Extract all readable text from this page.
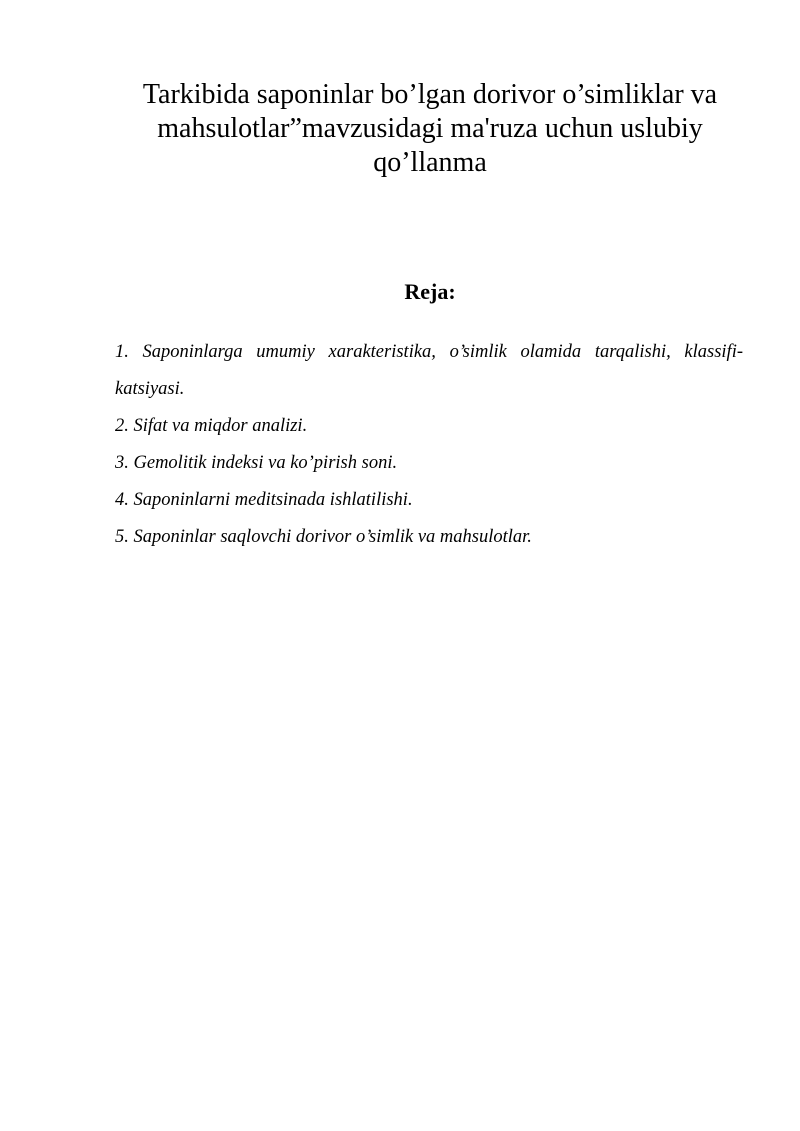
Tarkibida saponinlar bo’lgan dorivor o’simliklar va
mahsulotlar”mavzusidagi ma'ruza uchun uslubiy
qo’llanma
Reja:
1. Saponinlarga umumiy xarakteristika, o’simlik olamida tarqalishi, klassifi-katsiyasi.
2. Sifat va miqdor analizi.
3. Gemolitik indeksi va ko’pirish soni.
4. Saponinlarni meditsinada ishlatilishi.
5. Saponinlar saqlovchi dorivor o’simlik va mahsulotlar.
